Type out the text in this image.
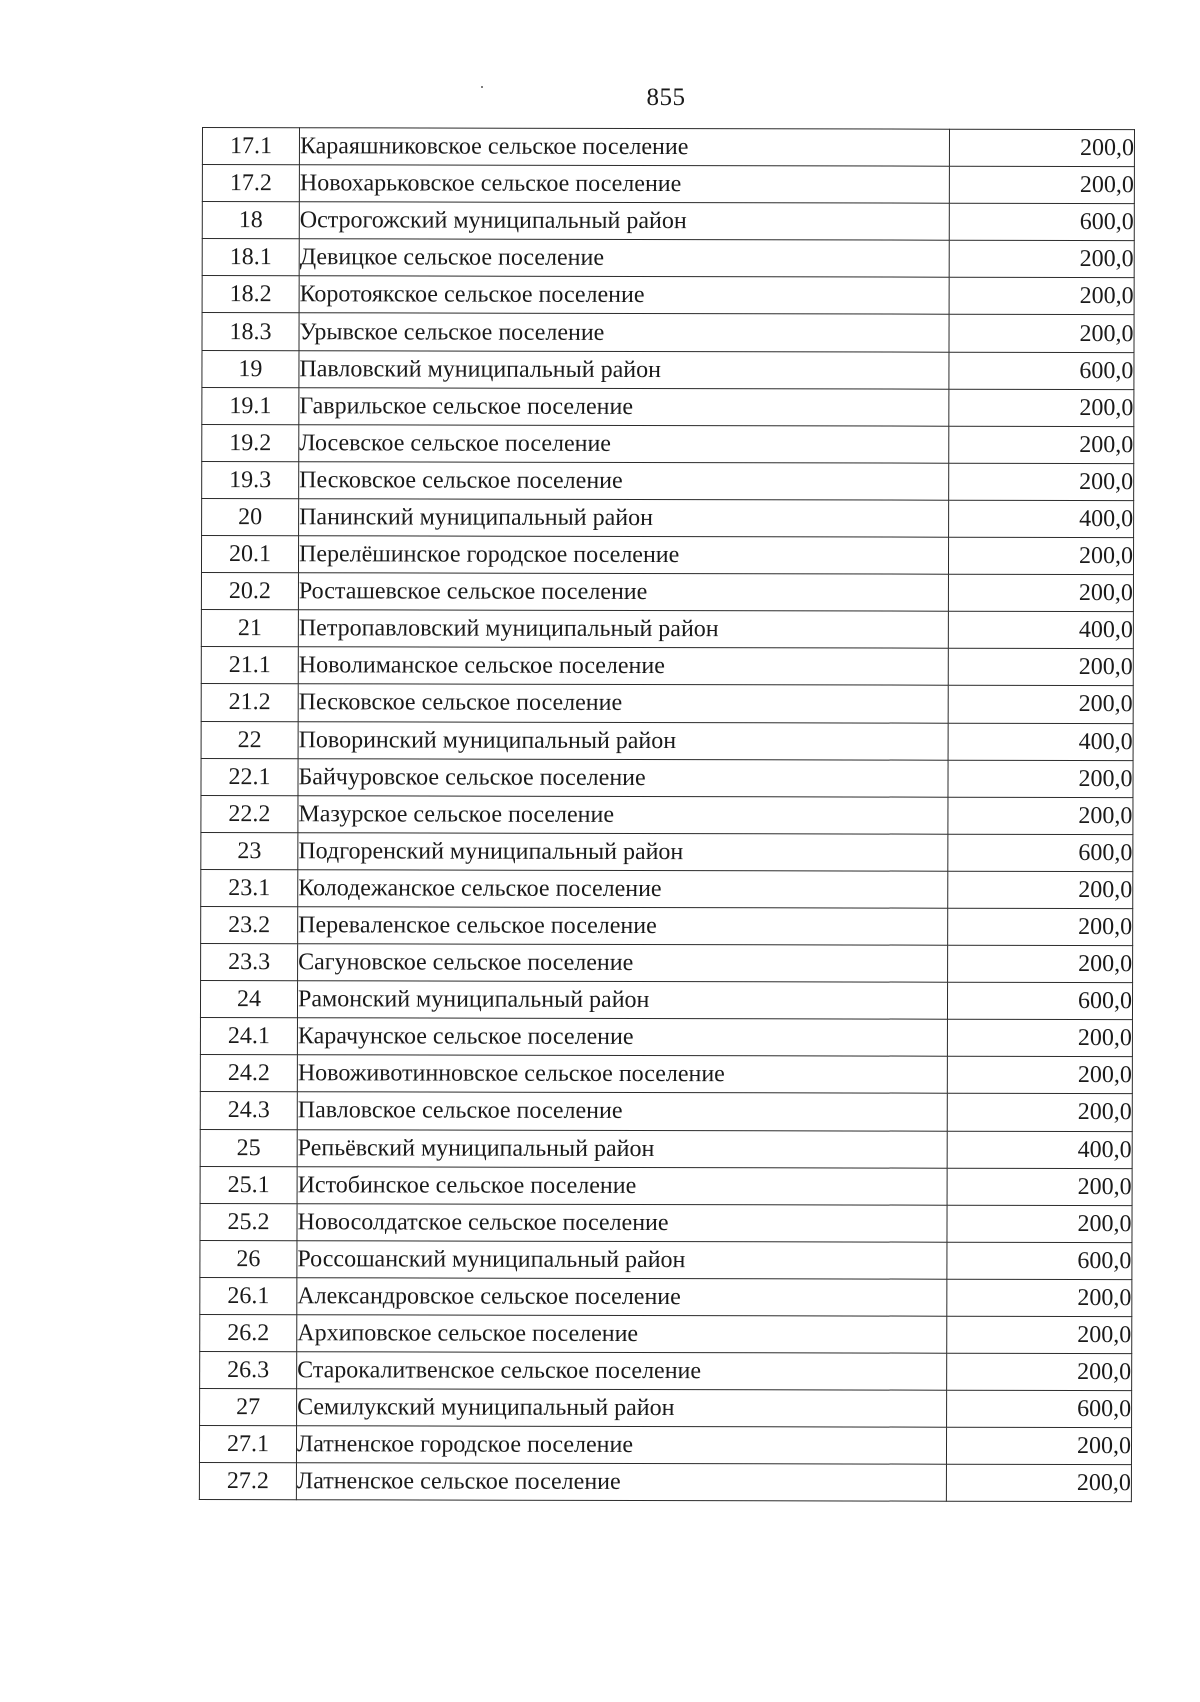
855
17.1	Караяшниковское сельское поселение	200,0
17.2	Новохарьковское сельское поселение	200,0
18	Острогожский муниципальный район	600,0
18.1	Девицкое сельское поселение	200,0
18.2	Коротоякское сельское поселение	200,0
18.3	Урывское сельское поселение	200,0
19	Павловский муниципальный район	600,0
19.1	Гаврильское сельское поселение	200,0
19.2	Лосевское сельское поселение	200,0
19.3	Песковское сельское поселение	200,0
20	Панинский муниципальный район	400,0
20.1	Перелёшинское городское поселение	200,0
20.2	Росташевское сельское поселение	200,0
21	Петропавловский муниципальный район	400,0
21.1	Новолиманское сельское поселение	200,0
21.2	Песковское сельское поселение	200,0
22	Поворинский муниципальный район	400,0
22.1	Байчуровское сельское поселение	200,0
22.2	Мазурское сельское поселение	200,0
23	Подгоренский муниципальный район	600,0
23.1	Колодежанское сельское поселение	200,0
23.2	Переваленское сельское поселение	200,0
23.3	Сагуновское сельское поселение	200,0
24	Рамонский муниципальный район	600,0
24.1	Карачунское сельское поселение	200,0
24.2	Новоживотинновское сельское поселение	200,0
24.3	Павловское сельское поселение	200,0
25	Репьёвский муниципальный район	400,0
25.1	Истобинское сельское поселение	200,0
25.2	Новосолдатское сельское поселение	200,0
26	Россошанский муниципальный район	600,0
26.1	Александровское сельское поселение	200,0
26.2	Архиповское сельское поселение	200,0
26.3	Старокалитвенское сельское поселение	200,0
27	Семилукский муниципальный район	600,0
27.1	Латненское городское поселение	200,0
27.2	Латненское сельское поселение	200,0
